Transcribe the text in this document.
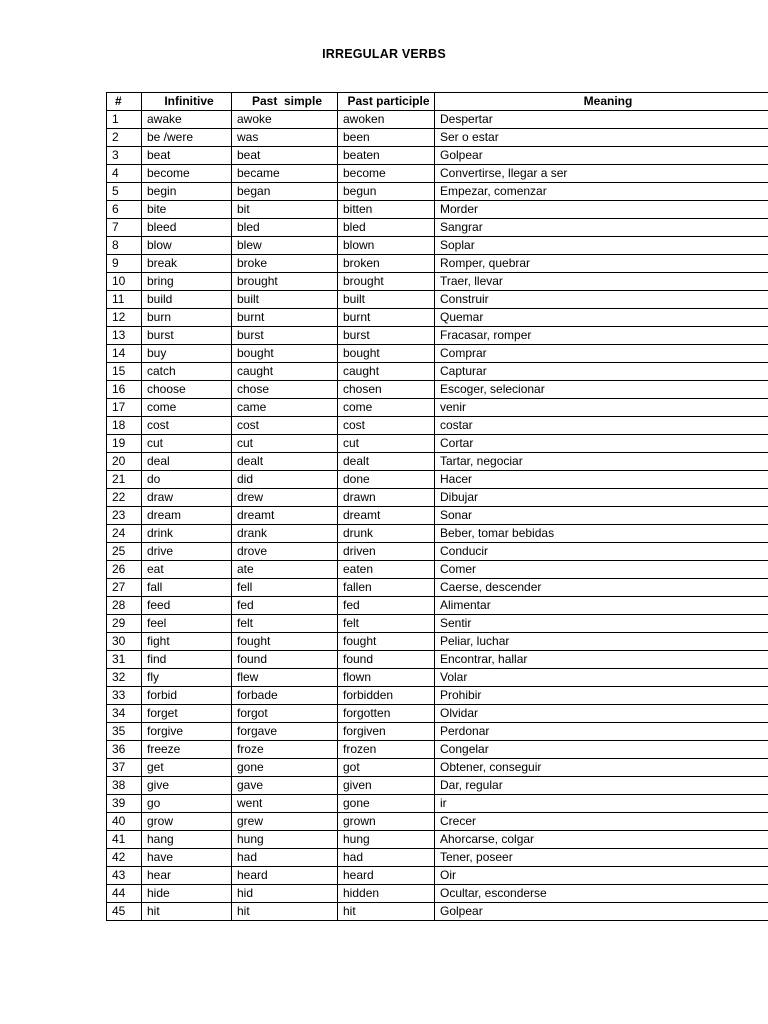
IRREGULAR VERBS
#	Infinitive	Past  simple	Past participle	Meaning
1	awake	awoke	awoken	Despertar
2	be /were	was	been	Ser o estar
3	beat	beat	beaten	Golpear
4	become	became	become	Convertirse, llegar a ser
5	begin	began	begun	Empezar, comenzar
6	bite	bit	bitten	Morder
7	bleed	bled	bled	Sangrar
8	blow	blew	blown	Soplar
9	break	broke	broken	Romper, quebrar
10	bring	brought	brought	Traer, llevar
11	build	built	built	Construir
12	burn	burnt	burnt	Quemar
13	burst	burst	burst	Fracasar, romper
14	buy	bought	bought	Comprar
15	catch	caught	caught	Capturar
16	choose	chose	chosen	Escoger, selecionar
17	come	came	come	venir
18	cost	cost	cost	costar
19	cut	cut	cut	Cortar
20	deal	dealt	dealt	Tartar, negociar
21	do	did	done	Hacer
22	draw	drew	drawn	Dibujar
23	dream	dreamt	dreamt	Sonar
24	drink	drank	drunk	Beber, tomar bebidas
25	drive	drove	driven	Conducir
26	eat	ate	eaten	Comer
27	fall	fell	fallen	Caerse, descender
28	feed	fed	fed	Alimentar
29	feel	felt	felt	Sentir
30	fight	fought	fought	Peliar, luchar
31	find	found	found	Encontrar, hallar
32	fly	flew	flown	Volar
33	forbid	forbade	forbidden	Prohibir
34	forget	forgot	forgotten	Olvidar
35	forgive	forgave	forgiven	Perdonar
36	freeze	froze	frozen	Congelar
37	get	gone	got	Obtener, conseguir
38	give	gave	given	Dar, regular
39	go	went	gone	ir
40	grow	grew	grown	Crecer
41	hang	hung	hung	Ahorcarse, colgar
42	have	had	had	Tener, poseer
43	hear	heard	heard	Oir
44	hide	hid	hidden	Ocultar, esconderse
45	hit	hit	hit	Golpear
